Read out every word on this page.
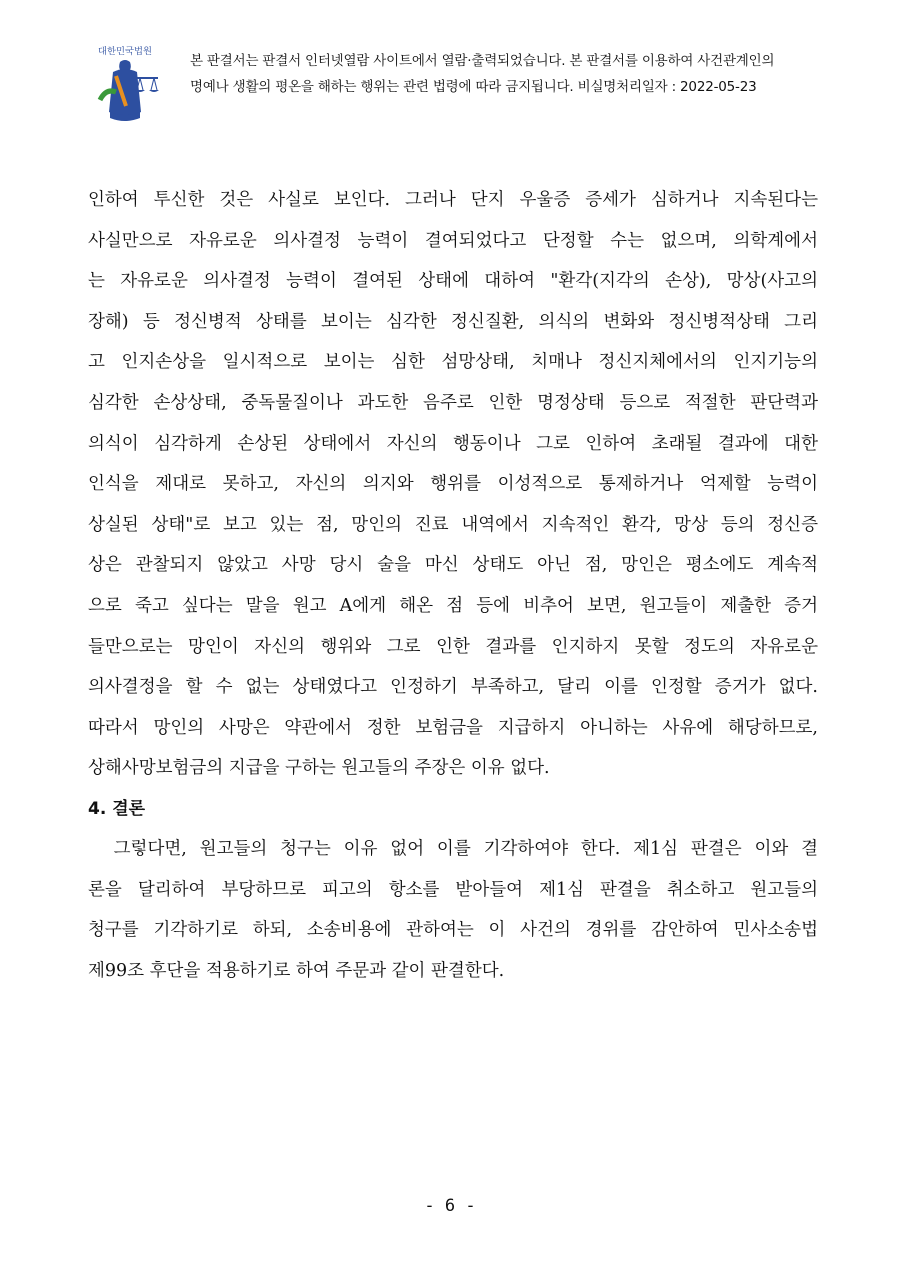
대한민국법원
본 판결서는 판결서 인터넷열람 사이트에서 열람·출력되었습니다. 본 판결서를 이용하여 사건관계인의
명예나 생활의 평온을 해하는 행위는 관련 법령에 따라 금지됩니다. 비실명처리일자 : 2022-05-23
인하여 투신한 것은 사실로 보인다. 그러나 단지 우울증 증세가 심하거나 지속된다는
사실만으로 자유로운 의사결정 능력이 결여되었다고 단정할 수는 없으며, 의학계에서
는 자유로운 의사결정 능력이 결여된 상태에 대하여 "환각(지각의 손상), 망상(사고의
장해) 등 정신병적 상태를 보이는 심각한 정신질환, 의식의 변화와 정신병적상태 그리
고 인지손상을 일시적으로 보이는 심한 섬망상태, 치매나 정신지체에서의 인지기능의
심각한 손상상태, 중독물질이나 과도한 음주로 인한 명정상태 등으로 적절한 판단력과
의식이 심각하게 손상된 상태에서 자신의 행동이나 그로 인하여 초래될 결과에 대한
인식을 제대로 못하고, 자신의 의지와 행위를 이성적으로 통제하거나 억제할 능력이
상실된 상태"로 보고 있는 점, 망인의 진료 내역에서 지속적인 환각, 망상 등의 정신증
상은 관찰되지 않았고 사망 당시 술을 마신 상태도 아닌 점, 망인은 평소에도 계속적
으로 죽고 싶다는 말을 원고 A에게 해온 점 등에 비추어 보면, 원고들이 제출한 증거
들만으로는 망인이 자신의 행위와 그로 인한 결과를 인지하지 못할 정도의 자유로운
의사결정을 할 수 없는 상태였다고 인정하기 부족하고, 달리 이를 인정할 증거가 없다.
따라서 망인의 사망은 약관에서 정한 보험금을 지급하지 아니하는 사유에 해당하므로,
상해사망보험금의 지급을 구하는 원고들의 주장은 이유 없다.
4. 결론
그렇다면, 원고들의 청구는 이유 없어 이를 기각하여야 한다. 제1심 판결은 이와 결
론을 달리하여 부당하므로 피고의 항소를 받아들여 제1심 판결을 취소하고 원고들의
청구를 기각하기로 하되, 소송비용에 관하여는 이 사건의 경위를 감안하여 민사소송법
제99조 후단을 적용하기로 하여 주문과 같이 판결한다.
- 6 -
